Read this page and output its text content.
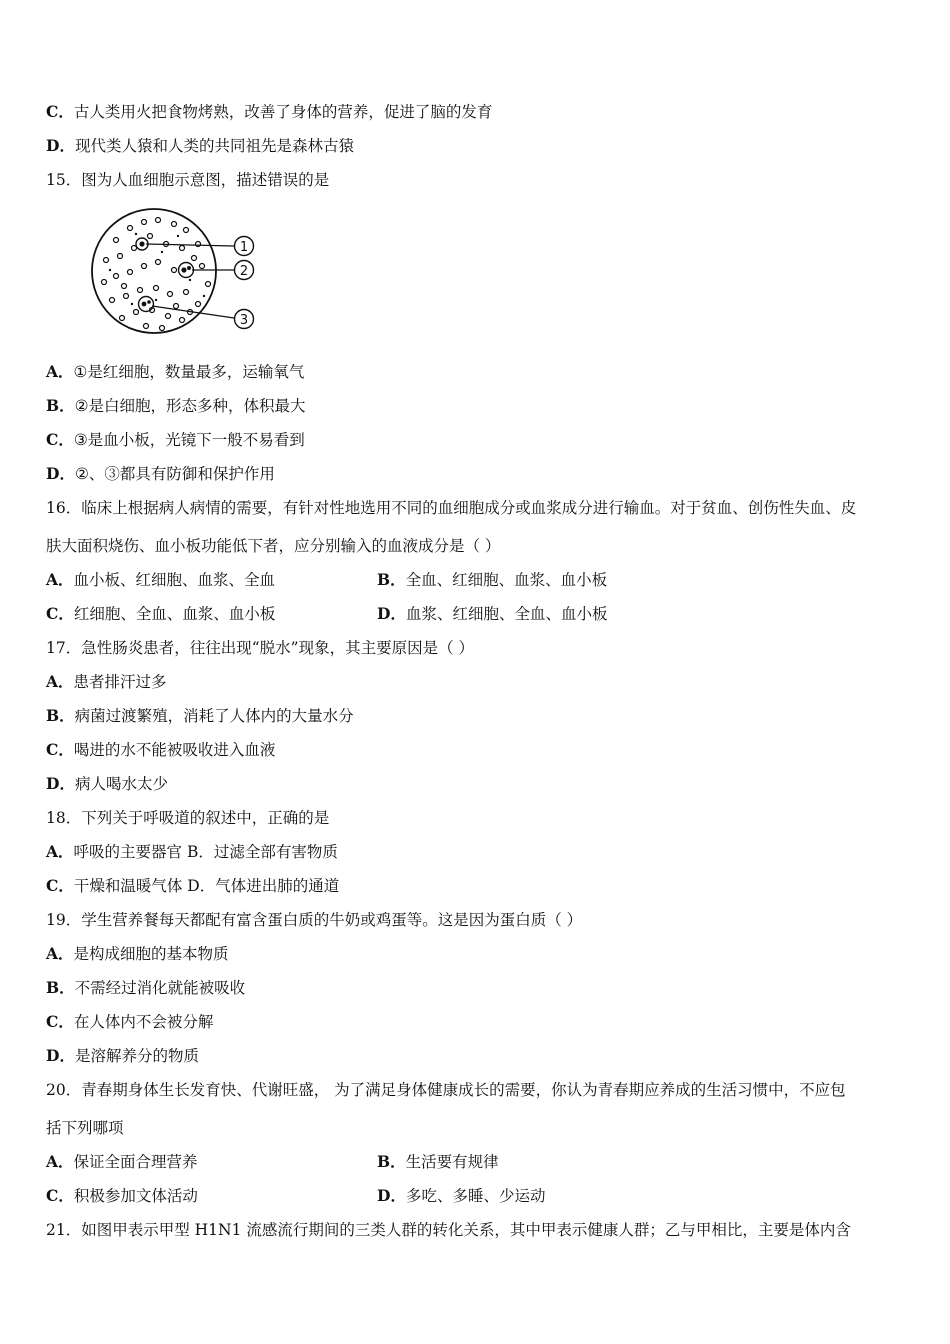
C．古人类用火把食物烤熟，改善了身体的营养，促进了脑的发育
D．现代类人猿和人类的共同祖先是森林古猿
15．图为人血细胞示意图，描述错误的是
1
2
3
A．①是红细胞，数量最多，运输氧气
B．②是白细胞，形态多种，体积最大
C．③是血小板，光镜下一般不易看到
D．②、③都具有防御和保护作用
16．临床上根据病人病情的需要，有针对性地选用不同的血细胞成分或血浆成分进行输血。对于贫血、创伤性失血、皮
肤大面积烧伤、血小板功能低下者，应分别输入的血液成分是（ ）
A．血小板、红细胞、血浆、全血	B．全血、红细胞、血浆、血小板
C．红细胞、全血、血浆、血小板	D．血浆、红细胞、全血、血小板
17．急性肠炎患者，往往出现“脱水”现象，其主要原因是（ ）
A．患者排汗过多
B．病菌过渡繁殖，消耗了人体内的大量水分
C．喝进的水不能被吸收进入血液
D．病人喝水太少
18．下列关于呼吸道的叙述中，正确的是
A．呼吸的主要器官 B．过滤全部有害物质
C．干燥和温暖气体 D．气体进出肺的通道
19．学生营养餐每天都配有富含蛋白质的牛奶或鸡蛋等。这是因为蛋白质（ ）
A．是构成细胞的基本物质
B．不需经过消化就能被吸收
C．在人体内不会被分解
D．是溶解养分的物质
20．青春期身体生长发育快、代谢旺盛， 为了满足身体健康成长的需要，你认为青春期应养成的生活习惯中，不应包
括下列哪项
A．保证全面合理营养	B．生活要有规律
C．积极参加文体活动	D．多吃、多睡、少运动
21．如图甲表示甲型 H1N1 流感流行期间的三类人群的转化关系，其中甲表示健康人群；乙与甲相比，主要是体内含
